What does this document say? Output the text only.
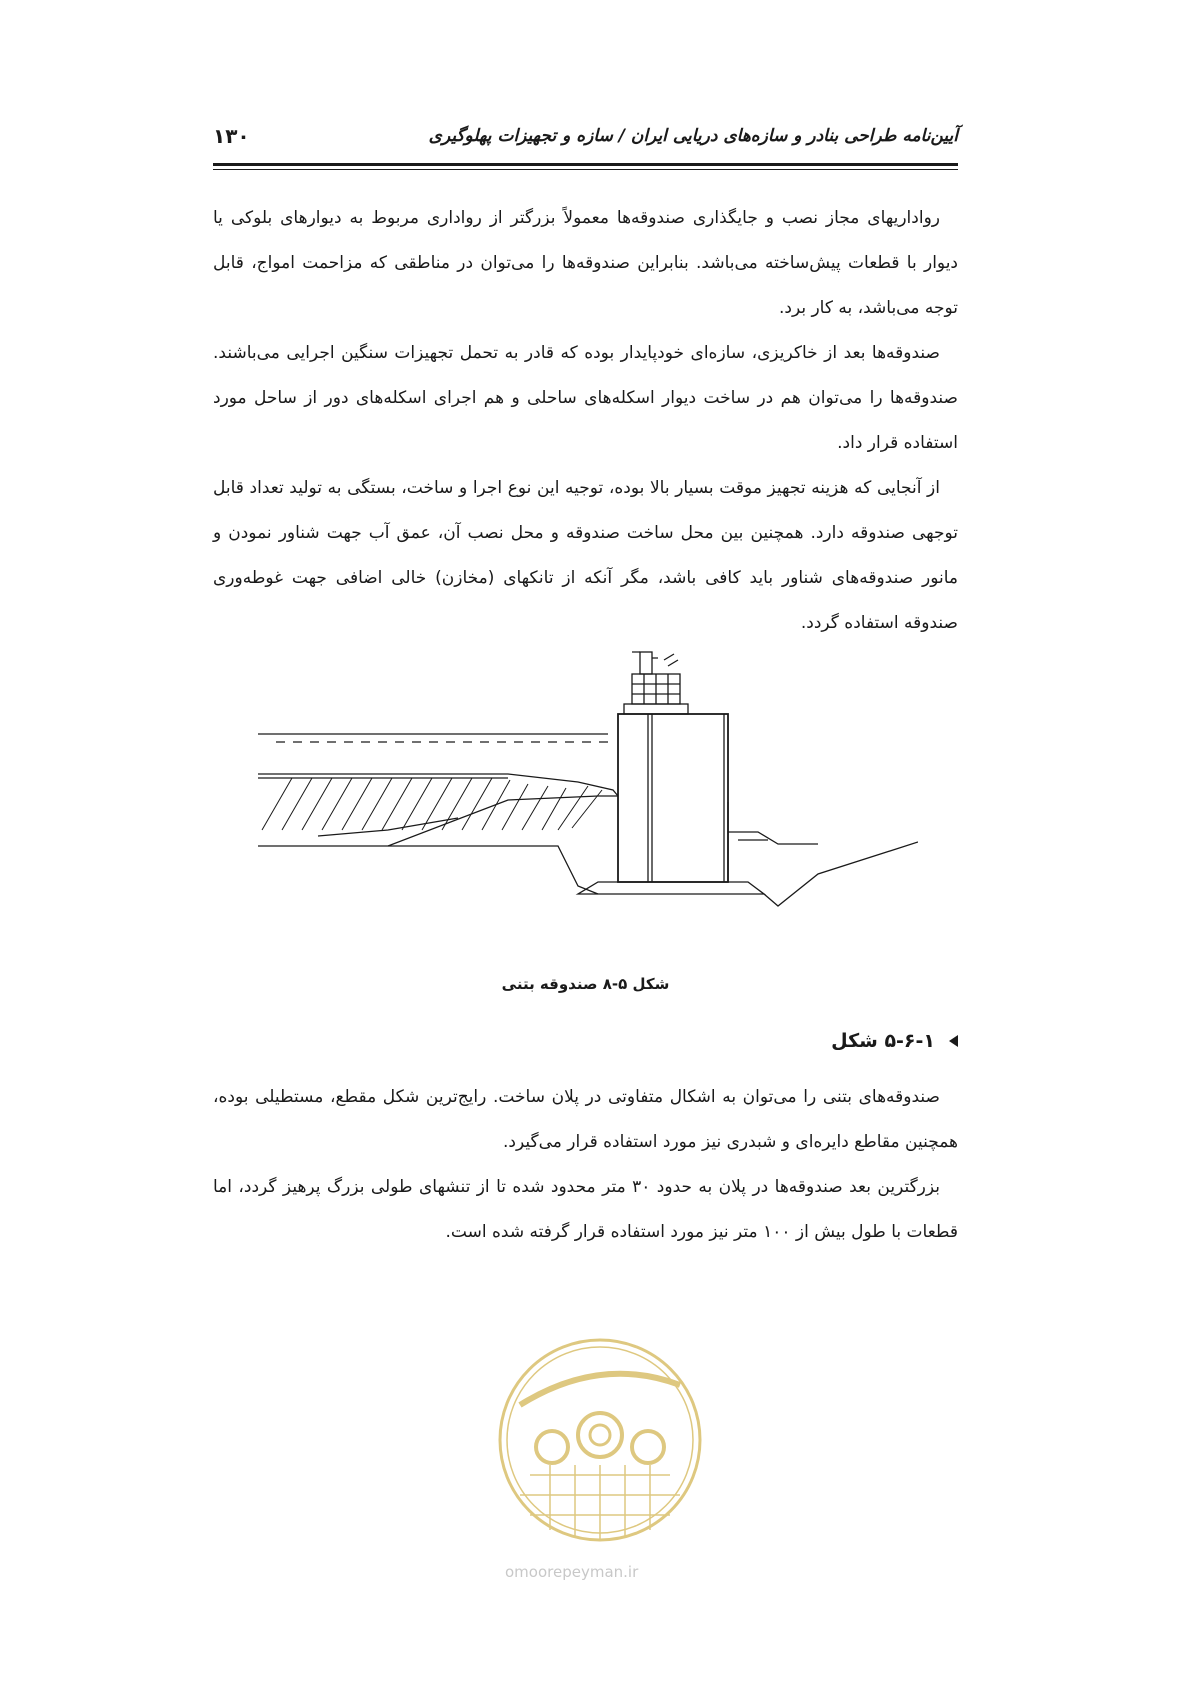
۱۳۰	آیین‌نامه طراحی بنادر و سازه‌های دریایی ایران / سازه و تجهیزات پهلوگیری

رواداریهای مجاز نصب و جایگذاری صندوقه‌ها معمولاً بزرگتر از رواداری مربوط به دیوارهای بلوکی یا دیوار با قطعات پیش‌ساخته می‌باشد. بنابراین صندوقه‌ها را می‌توان در مناطقی که مزاحمت امواج، قابل توجه می‌باشد، به کار برد.

صندوقه‌ها بعد از خاکریزی، سازه‌ای خودپایدار بوده که قادر به تحمل تجهیزات سنگین اجرایی می‌باشند. صندوقه‌ها را می‌توان هم در ساخت دیوار اسکله‌های ساحلی و هم اجرای اسکله‌های دور از ساحل مورد استفاده قرار داد.

از آنجایی که هزینه تجهیز موقت بسیار بالا بوده، توجیه این نوع اجرا و ساخت، بستگی به تولید تعداد قابل توجهی صندوقه دارد. همچنین بین محل ساخت صندوقه و محل نصب آن، عمق آب جهت شناور نمودن و مانور صندوقه‌های شناور باید کافی باشد، مگر آنکه از تانکهای (مخازن) خالی اضافی جهت غوطه‌وری صندوقه استفاده گردد.

شکل ۵-۸ صندوقه بتنی
۵-۶-۱ شکل

صندوقه‌های بتنی را می‌توان به اشکال متفاوتی در پلان ساخت. رایج‌ترین شکل مقطع، مستطیلی بوده، همچنین مقاطع دایره‌ای و شبدری نیز مورد استفاده قرار می‌گیرد.

بزرگترین بعد صندوقه‌ها در پلان به حدود ۳۰ متر محدود شده تا از تنشهای طولی بزرگ پرهیز گردد، اما قطعات با طول بیش از ۱۰۰ متر نیز مورد استفاده قرار گرفته شده است.

omoorepeyman.ir
